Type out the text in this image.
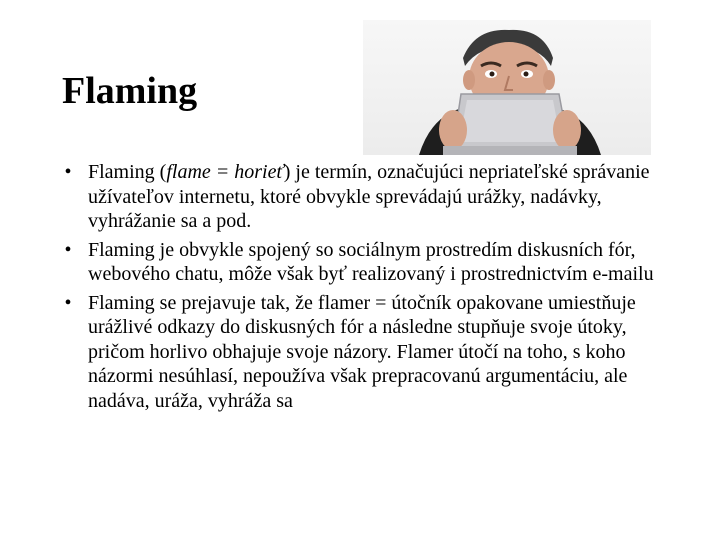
Flaming
• Flaming (flame = horieť) je termín, označujúci nepriateľské správanie užívateľov internetu, ktoré obvykle sprevádajú urážky, nadávky, vyhrážanie sa a pod.
• Flaming je obvykle spojený so sociálnym prostredím diskusních fór, webového chatu, môže však byť realizovaný i prostrednictvím e-mailu
• Flaming se prejavuje tak, že flamer = útočník opakovane umiestňuje urážlivé odkazy do diskusných fór a následne stupňuje svoje útoky, pričom horlivo obhajuje svoje názory. Flamer útočí na toho, s koho názormi nesúhlasí, nepoužíva však prepracovanú argumentáciu, ale nadáva, uráža, vyhráža sa
